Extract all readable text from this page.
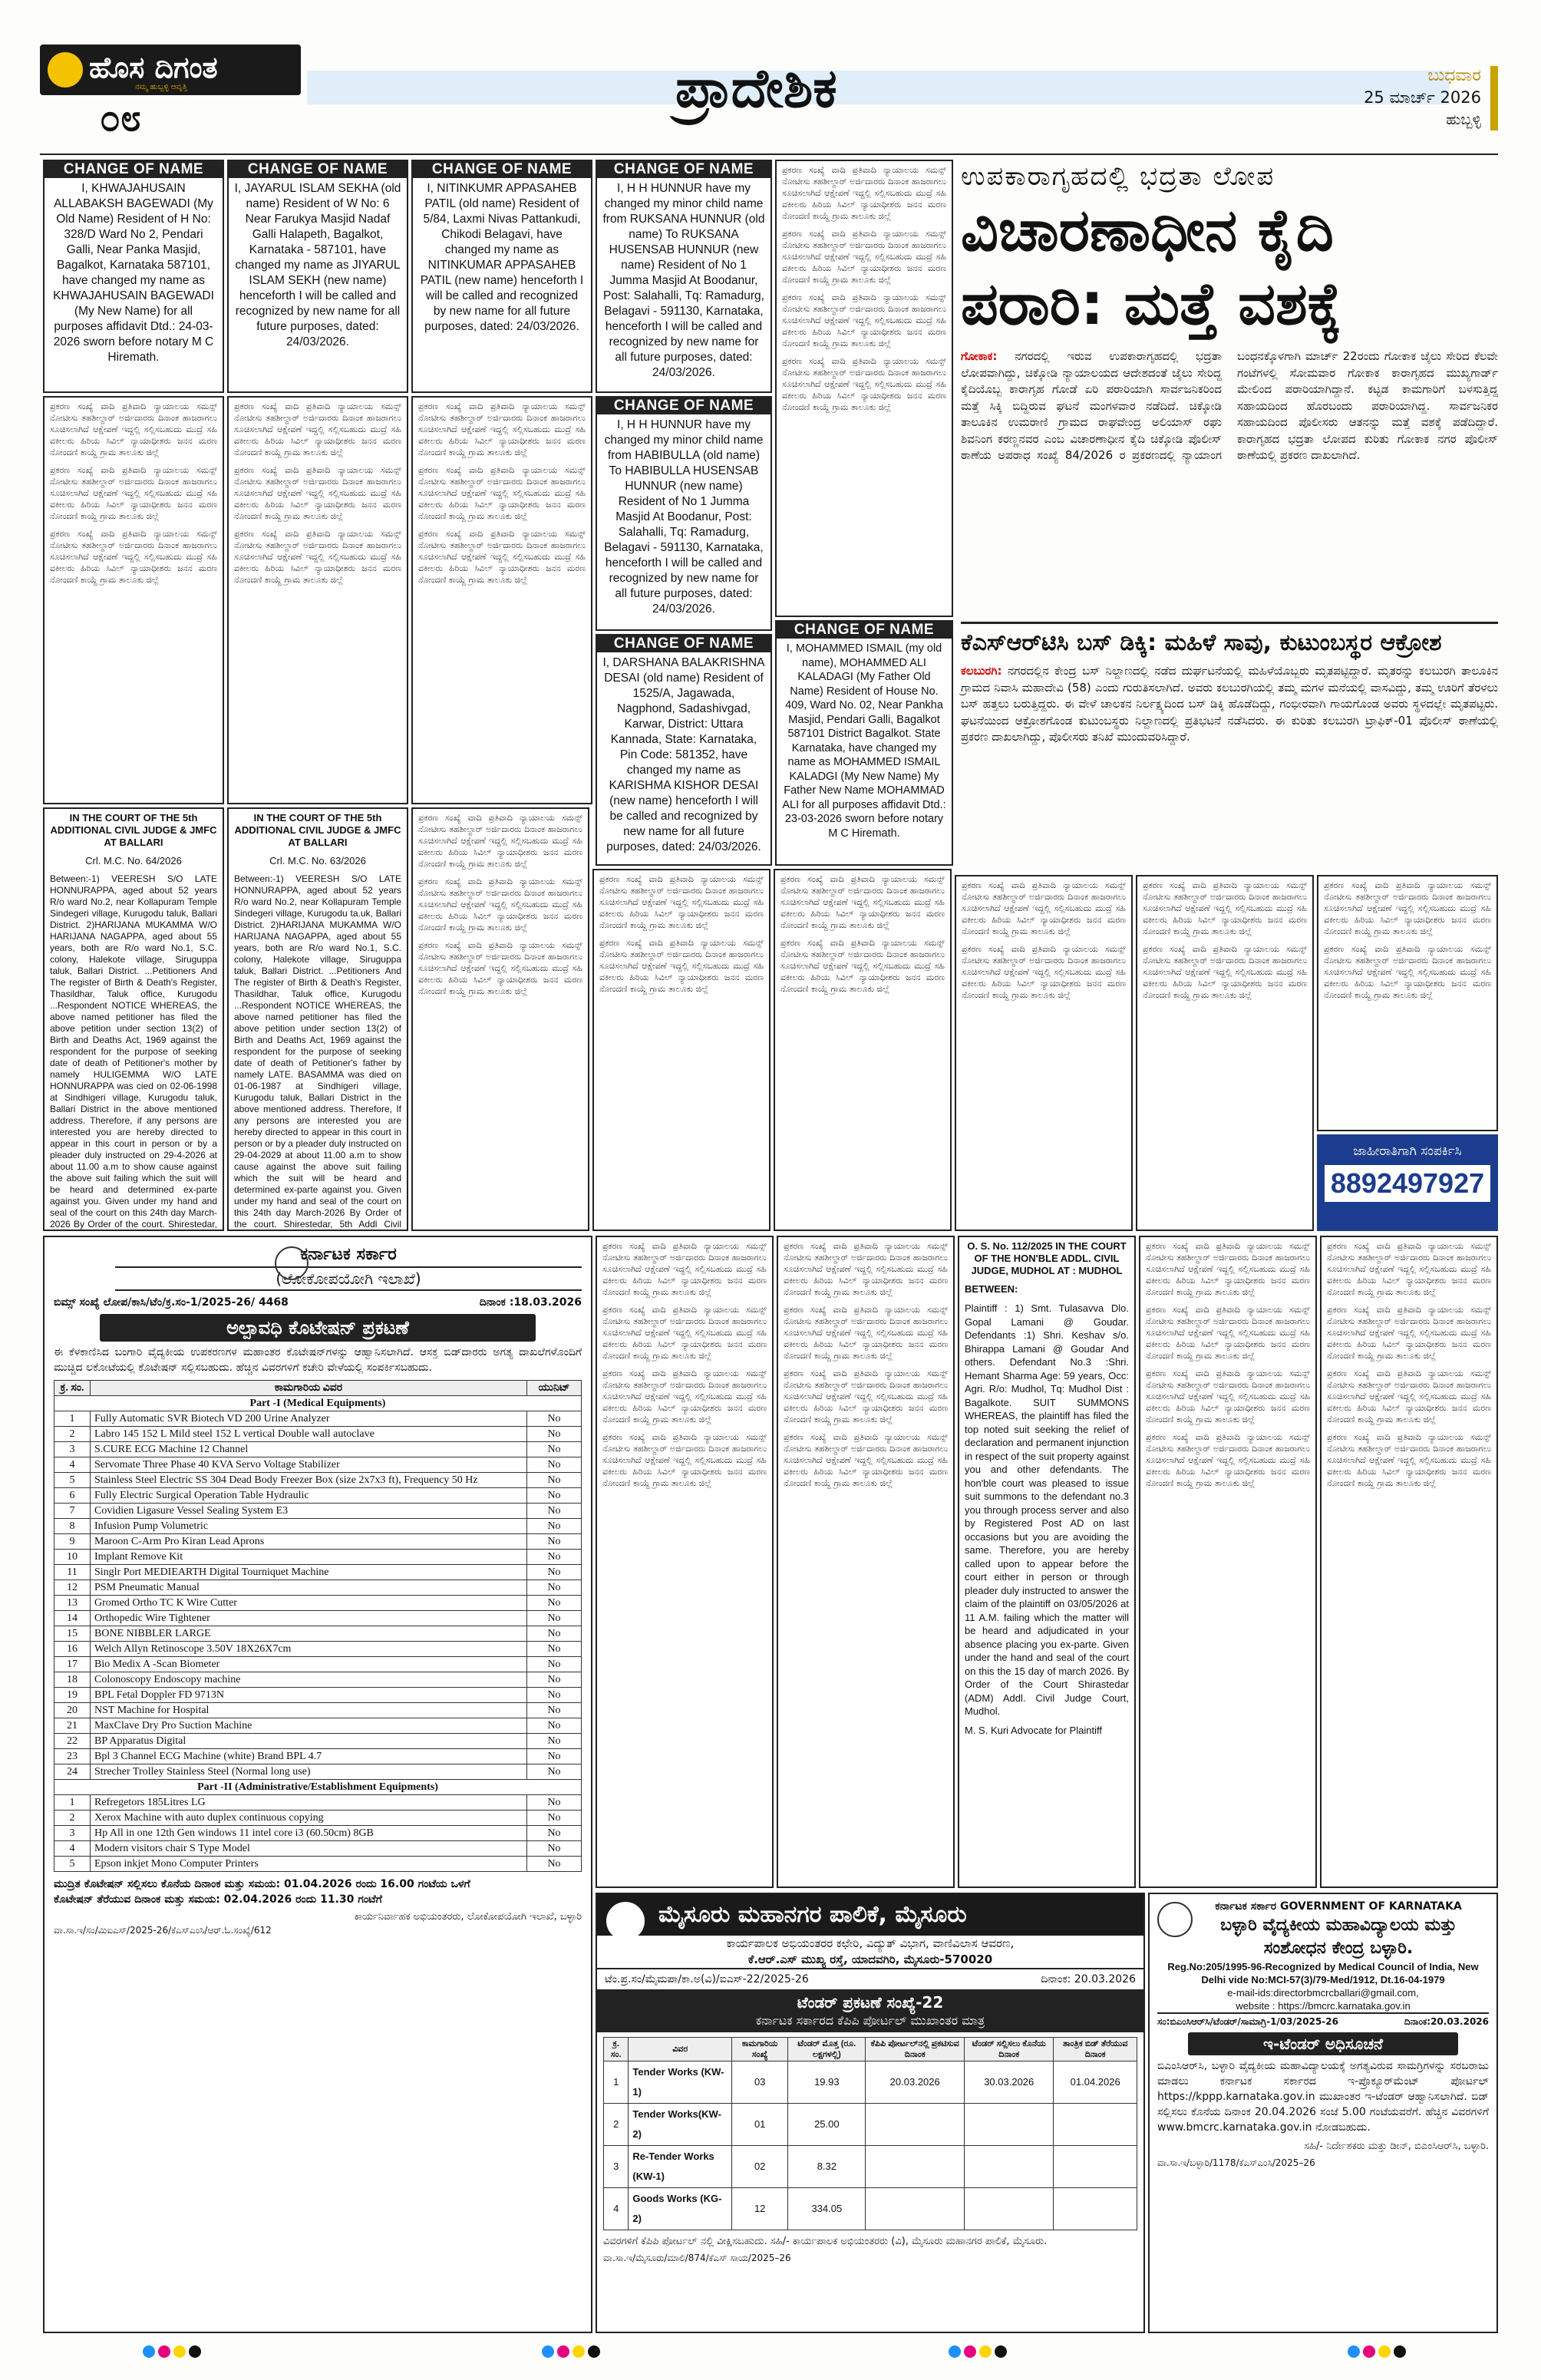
ಹೊಸ ದಿಗಂತ
ನಮ್ಮ ಹುಬ್ಬಳ್ಳಿ ಆವೃತ್ತಿ
೦೮	ಪ್ರಾದೇಶಿಕ	ಬುಧವಾರ
25 ಮಾರ್ಚ್ 2026
ಹುಬ್ಬಳ್ಳಿ
CHANGE OF NAME
I, KHWAJAHUSAIN ALLABAKSH BAGEWADI (My Old Name) Resident of H No: 328/D Ward No 2, Pendari Galli, Near Panka Masjid, Bagalkot, Karnataka 587101, have changed my name as KHWAJAHUSAIN BAGEWADI (My New Name) for all purposes affidavit Dtd.: 24-03-2026 sworn before notary M C Hiremath.
CHANGE OF NAME
I, JAYARUL ISLAM SEKHA (old name) Resident of W No: 6 Near Farukya Masjid Nadaf Galli Halapeth, Bagalkot, Karnataka - 587101, have changed my name as JIYARUL ISLAM SEKH (new name) henceforth I will be called and recognized by new name for all future purposes, dated: 24/03/2026.
CHANGE OF NAME
I, NITINKUMR APPASAHEB PATIL (old name) Resident of 5/84, Laxmi Nivas Pattankudi, Chikodi Belagavi, have changed my name as NITINKUMAR APPASAHEB PATIL (new name) henceforth I will be called and recognized by new name for all future purposes, dated: 24/03/2026.
CHANGE OF NAME
I, H H HUNNUR have my changed my minor child name from RUKSANA HUNNUR (old name) To RUKSANA HUSENSAB HUNNUR (new name) Resident of No 1 Jumma Masjid At Boodanur, Post: Salahalli, Tq: Ramadurg, Belagavi - 591130, Karnataka, henceforth I will be called and recognized by new name for all future purposes, dated: 24/03/2026.
ಪ್ರಕರಣ ಸಂಖ್ಯೆ ವಾದಿ ಪ್ರತಿವಾದಿ ನ್ಯಾಯಾಲಯ ಸಮನ್ಸ್ ನೋಟೀಸು ತಹಶೀಲ್ದಾರ್ ಅರ್ಜಿದಾರರು ದಿನಾಂಕ ಹಾಜರಾಗಲು ಸೂಚಿಸಲಾಗಿದೆ ಆಕ್ಷೇಪಣೆ ಇದ್ದಲ್ಲಿ ಸಲ್ಲಿಸಬಹುದು ಮುದ್ರೆ ಸಹಿ ವಕೀಲರು ಹಿರಿಯ ಸಿವಿಲ್ ನ್ಯಾಯಾಧೀಶರು ಜನನ ಮರಣ ನೋಂದಣಿ ಕಾಯ್ದೆ ಗ್ರಾಮ ತಾಲೂಕು ಜಿಲ್ಲೆ
ಪ್ರಕರಣ ಸಂಖ್ಯೆ ವಾದಿ ಪ್ರತಿವಾದಿ ನ್ಯಾಯಾಲಯ ಸಮನ್ಸ್ ನೋಟೀಸು ತಹಶೀಲ್ದಾರ್ ಅರ್ಜಿದಾರರು ದಿನಾಂಕ ಹಾಜರಾಗಲು ಸೂಚಿಸಲಾಗಿದೆ ಆಕ್ಷೇಪಣೆ ಇದ್ದಲ್ಲಿ ಸಲ್ಲಿಸಬಹುದು ಮುದ್ರೆ ಸಹಿ ವಕೀಲರು ಹಿರಿಯ ಸಿವಿಲ್ ನ್ಯಾಯಾಧೀಶರು ಜನನ ಮರಣ ನೋಂದಣಿ ಕಾಯ್ದೆ ಗ್ರಾಮ ತಾಲೂಕು ಜಿಲ್ಲೆ
ಪ್ರಕರಣ ಸಂಖ್ಯೆ ವಾದಿ ಪ್ರತಿವಾದಿ ನ್ಯಾಯಾಲಯ ಸಮನ್ಸ್ ನೋಟೀಸು ತಹಶೀಲ್ದಾರ್ ಅರ್ಜಿದಾರರು ದಿನಾಂಕ ಹಾಜರಾಗಲು ಸೂಚಿಸಲಾಗಿದೆ ಆಕ್ಷೇಪಣೆ ಇದ್ದಲ್ಲಿ ಸಲ್ಲಿಸಬಹುದು ಮುದ್ರೆ ಸಹಿ ವಕೀಲರು ಹಿರಿಯ ಸಿವಿಲ್ ನ್ಯಾಯಾಧೀಶರು ಜನನ ಮರಣ ನೋಂದಣಿ ಕಾಯ್ದೆ ಗ್ರಾಮ ತಾಲೂಕು ಜಿಲ್ಲೆ
ಪ್ರಕರಣ ಸಂಖ್ಯೆ ವಾದಿ ಪ್ರತಿವಾದಿ ನ್ಯಾಯಾಲಯ ಸಮನ್ಸ್ ನೋಟೀಸು ತಹಶೀಲ್ದಾರ್ ಅರ್ಜಿದಾರರು ದಿನಾಂಕ ಹಾಜರಾಗಲು ಸೂಚಿಸಲಾಗಿದೆ ಆಕ್ಷೇಪಣೆ ಇದ್ದಲ್ಲಿ ಸಲ್ಲಿಸಬಹುದು ಮುದ್ರೆ ಸಹಿ ವಕೀಲರು ಹಿರಿಯ ಸಿವಿಲ್ ನ್ಯಾಯಾಧೀಶರು ಜನನ ಮರಣ ನೋಂದಣಿ ಕಾಯ್ದೆ ಗ್ರಾಮ ತಾಲೂಕು ಜಿಲ್ಲೆ
ಪ್ರಕರಣ ಸಂಖ್ಯೆ ವಾದಿ ಪ್ರತಿವಾದಿ ನ್ಯಾಯಾಲಯ ಸಮನ್ಸ್ ನೋಟೀಸು ತಹಶೀಲ್ದಾರ್ ಅರ್ಜಿದಾರರು ದಿನಾಂಕ ಹಾಜರಾಗಲು ಸೂಚಿಸಲಾಗಿದೆ ಆಕ್ಷೇಪಣೆ ಇದ್ದಲ್ಲಿ ಸಲ್ಲಿಸಬಹುದು ಮುದ್ರೆ ಸಹಿ ವಕೀಲರು ಹಿರಿಯ ಸಿವಿಲ್ ನ್ಯಾಯಾಧೀಶರು ಜನನ ಮರಣ ನೋಂದಣಿ ಕಾಯ್ದೆ ಗ್ರಾಮ ತಾಲೂಕು ಜಿಲ್ಲೆ
ಪ್ರಕರಣ ಸಂಖ್ಯೆ ವಾದಿ ಪ್ರತಿವಾದಿ ನ್ಯಾಯಾಲಯ ಸಮನ್ಸ್ ನೋಟೀಸು ತಹಶೀಲ್ದಾರ್ ಅರ್ಜಿದಾರರು ದಿನಾಂಕ ಹಾಜರಾಗಲು ಸೂಚಿಸಲಾಗಿದೆ ಆಕ್ಷೇಪಣೆ ಇದ್ದಲ್ಲಿ ಸಲ್ಲಿಸಬಹುದು ಮುದ್ರೆ ಸಹಿ ವಕೀಲರು ಹಿರಿಯ ಸಿವಿಲ್ ನ್ಯಾಯಾಧೀಶರು ಜನನ ಮರಣ ನೋಂದಣಿ ಕಾಯ್ದೆ ಗ್ರಾಮ ತಾಲೂಕು ಜಿಲ್ಲೆ
ಪ್ರಕರಣ ಸಂಖ್ಯೆ ವಾದಿ ಪ್ರತಿವಾದಿ ನ್ಯಾಯಾಲಯ ಸಮನ್ಸ್ ನೋಟೀಸು ತಹಶೀಲ್ದಾರ್ ಅರ್ಜಿದಾರರು ದಿನಾಂಕ ಹಾಜರಾಗಲು ಸೂಚಿಸಲಾಗಿದೆ ಆಕ್ಷೇಪಣೆ ಇದ್ದಲ್ಲಿ ಸಲ್ಲಿಸಬಹುದು ಮುದ್ರೆ ಸಹಿ ವಕೀಲರು ಹಿರಿಯ ಸಿವಿಲ್ ನ್ಯಾಯಾಧೀಶರು ಜನನ ಮರಣ ನೋಂದಣಿ ಕಾಯ್ದೆ ಗ್ರಾಮ ತಾಲೂಕು ಜಿಲ್ಲೆ
ಪ್ರಕರಣ ಸಂಖ್ಯೆ ವಾದಿ ಪ್ರತಿವಾದಿ ನ್ಯಾಯಾಲಯ ಸಮನ್ಸ್ ನೋಟೀಸು ತಹಶೀಲ್ದಾರ್ ಅರ್ಜಿದಾರರು ದಿನಾಂಕ ಹಾಜರಾಗಲು ಸೂಚಿಸಲಾಗಿದೆ ಆಕ್ಷೇಪಣೆ ಇದ್ದಲ್ಲಿ ಸಲ್ಲಿಸಬಹುದು ಮುದ್ರೆ ಸಹಿ ವಕೀಲರು ಹಿರಿಯ ಸಿವಿಲ್ ನ್ಯಾಯಾಧೀಶರು ಜನನ ಮರಣ ನೋಂದಣಿ ಕಾಯ್ದೆ ಗ್ರಾಮ ತಾಲೂಕು ಜಿಲ್ಲೆ
ಪ್ರಕರಣ ಸಂಖ್ಯೆ ವಾದಿ ಪ್ರತಿವಾದಿ ನ್ಯಾಯಾಲಯ ಸಮನ್ಸ್ ನೋಟೀಸು ತಹಶೀಲ್ದಾರ್ ಅರ್ಜಿದಾರರು ದಿನಾಂಕ ಹಾಜರಾಗಲು ಸೂಚಿಸಲಾಗಿದೆ ಆಕ್ಷೇಪಣೆ ಇದ್ದಲ್ಲಿ ಸಲ್ಲಿಸಬಹುದು ಮುದ್ರೆ ಸಹಿ ವಕೀಲರು ಹಿರಿಯ ಸಿವಿಲ್ ನ್ಯಾಯಾಧೀಶರು ಜನನ ಮರಣ ನೋಂದಣಿ ಕಾಯ್ದೆ ಗ್ರಾಮ ತಾಲೂಕು ಜಿಲ್ಲೆ
ಪ್ರಕರಣ ಸಂಖ್ಯೆ ವಾದಿ ಪ್ರತಿವಾದಿ ನ್ಯಾಯಾಲಯ ಸಮನ್ಸ್ ನೋಟೀಸು ತಹಶೀಲ್ದಾರ್ ಅರ್ಜಿದಾರರು ದಿನಾಂಕ ಹಾಜರಾಗಲು ಸೂಚಿಸಲಾಗಿದೆ ಆಕ್ಷೇಪಣೆ ಇದ್ದಲ್ಲಿ ಸಲ್ಲಿಸಬಹುದು ಮುದ್ರೆ ಸಹಿ ವಕೀಲರು ಹಿರಿಯ ಸಿವಿಲ್ ನ್ಯಾಯಾಧೀಶರು ಜನನ ಮರಣ ನೋಂದಣಿ ಕಾಯ್ದೆ ಗ್ರಾಮ ತಾಲೂಕು ಜಿಲ್ಲೆ
ಪ್ರಕರಣ ಸಂಖ್ಯೆ ವಾದಿ ಪ್ರತಿವಾದಿ ನ್ಯಾಯಾಲಯ ಸಮನ್ಸ್ ನೋಟೀಸು ತಹಶೀಲ್ದಾರ್ ಅರ್ಜಿದಾರರು ದಿನಾಂಕ ಹಾಜರಾಗಲು ಸೂಚಿಸಲಾಗಿದೆ ಆಕ್ಷೇಪಣೆ ಇದ್ದಲ್ಲಿ ಸಲ್ಲಿಸಬಹುದು ಮುದ್ರೆ ಸಹಿ ವಕೀಲರು ಹಿರಿಯ ಸಿವಿಲ್ ನ್ಯಾಯಾಧೀಶರು ಜನನ ಮರಣ ನೋಂದಣಿ ಕಾಯ್ದೆ ಗ್ರಾಮ ತಾಲೂಕು ಜಿಲ್ಲೆ
ಪ್ರಕರಣ ಸಂಖ್ಯೆ ವಾದಿ ಪ್ರತಿವಾದಿ ನ್ಯಾಯಾಲಯ ಸಮನ್ಸ್ ನೋಟೀಸು ತಹಶೀಲ್ದಾರ್ ಅರ್ಜಿದಾರರು ದಿನಾಂಕ ಹಾಜರಾಗಲು ಸೂಚಿಸಲಾಗಿದೆ ಆಕ್ಷೇಪಣೆ ಇದ್ದಲ್ಲಿ ಸಲ್ಲಿಸಬಹುದು ಮುದ್ರೆ ಸಹಿ ವಕೀಲರು ಹಿರಿಯ ಸಿವಿಲ್ ನ್ಯಾಯಾಧೀಶರು ಜನನ ಮರಣ ನೋಂದಣಿ ಕಾಯ್ದೆ ಗ್ರಾಮ ತಾಲೂಕು ಜಿಲ್ಲೆ
ಪ್ರಕರಣ ಸಂಖ್ಯೆ ವಾದಿ ಪ್ರತಿವಾದಿ ನ್ಯಾಯಾಲಯ ಸಮನ್ಸ್ ನೋಟೀಸು ತಹಶೀಲ್ದಾರ್ ಅರ್ಜಿದಾರರು ದಿನಾಂಕ ಹಾಜರಾಗಲು ಸೂಚಿಸಲಾಗಿದೆ ಆಕ್ಷೇಪಣೆ ಇದ್ದಲ್ಲಿ ಸಲ್ಲಿಸಬಹುದು ಮುದ್ರೆ ಸಹಿ ವಕೀಲರು ಹಿರಿಯ ಸಿವಿಲ್ ನ್ಯಾಯಾಧೀಶರು ಜನನ ಮರಣ ನೋಂದಣಿ ಕಾಯ್ದೆ ಗ್ರಾಮ ತಾಲೂಕು ಜಿಲ್ಲೆ
CHANGE OF NAME
I, H H HUNNUR have my changed my minor child name from HABIBULLA (old name) To HABIBULLA HUSENSAB HUNNUR (new name) Resident of No 1 Jumma Masjid At Boodanur, Post: Salahalli, Tq: Ramadurg, Belagavi - 591130, Karnataka, henceforth I will be called and recognized by new name for all future purposes, dated: 24/03/2026.
CHANGE OF NAME
I, DARSHANA BALAKRISHNA DESAI (old name) Resident of 1525/A, Jagawada, Nagphond, Sadashivgad, Karwar, District: Uttara Kannada, State: Karnataka, Pin Code: 581352, have changed my name as KARISHMA KISHOR DESAI (new name) henceforth I will be called and recognized by new name for all future purposes, dated: 24/03/2026.
CHANGE OF NAME
I, MOHAMMED ISMAIL (my old name), MOHAMMED ALI KALADAGI (My Father Old Name) Resident of House No. 409, Ward No. 02, Near Pankha Masjid, Pendari Galli, Bagalkot 587101 District Bagalkot. State Karnataka, have changed my name as MOHAMMED ISMAIL KALADGI (My New Name) My Father New Name MOHAMMAD ALI for all purposes affidavit Dtd.: 23-03-2026 sworn before notary M C Hiremath.
ಉಪಕಾರಾಗೃಹದಲ್ಲಿ ಭದ್ರತಾ ಲೋಪ
ವಿಚಾರಣಾಧೀನ ಕೈದಿ
ಪರಾರಿ: ಮತ್ತೆ ವಶಕ್ಕೆ
ಗೋಕಾಕ: ನಗರದಲ್ಲಿ ಇರುವ ಉಪಕಾರಾಗೃಹದಲ್ಲಿ ಭದ್ರತಾ ಲೋಪವಾಗಿದ್ದು, ಚಿಕ್ಕೋಡಿ ನ್ಯಾಯಾಲಯದ ಆದೇಶದಂತೆ ಜೈಲು ಸೇರಿದ್ದ ಕೈದಿಯೊಬ್ಬ ಕಾರಾಗೃಹ ಗೋಡೆ ಏರಿ ಪರಾರಿಯಾಗಿ ಸಾರ್ವಜನಿಕರಿಂದ ಮತ್ತೆ ಸಿಕ್ಕಿ ಬಿದ್ದಿರುವ ಘಟನೆ ಮಂಗಳವಾರ ನಡೆದಿದೆ. ಚಿಕ್ಕೋಡಿ ತಾಲೂಕಿನ ಉಮರಾಣಿ ಗ್ರಾಮದ ರಾಘವೇಂದ್ರ ಅಲಿಯಾಸ್ ರಘು ಶಿವನಿಂಗ ಕರಣ್ಣನವರ ಎಂಬ ವಿಚಾರಣಾಧೀನ ಕೈದಿ ಚಿಕ್ಕೋಡಿ ಪೊಲೀಸ್ ಠಾಣೆಯ ಅಪರಾಧ ಸಂಖ್ಯೆ 84/2026 ರ ಪ್ರಕರಣದಲ್ಲಿ ನ್ಯಾಯಾಂಗ ಬಂಧನಕ್ಕೊಳಗಾಗಿ ಮಾರ್ಚ್ 22ರಂದು ಗೋಕಾಕ ಜೈಲು ಸೇರಿದ ಕೆಲವೇ ಗಂಟೆಗಳಲ್ಲಿ ಸೋಮವಾರ ಗೋಕಾಕ ಕಾರಾಗೃಹದ ಮುಖ್ಯಗಾರ್ಡ್ ಮೇಲಿಂದ ಪರಾರಿಯಾಗಿದ್ದಾನೆ. ಕಟ್ಟಡ ಕಾಮಗಾರಿಗೆ ಬಳಸುತ್ತಿದ್ದ ಸಹಾಯದಿಂದ ಹೊರಬಂದು ಪರಾರಿಯಾಗಿದ್ದ. ಸಾರ್ವಜನಿಕರ ಸಹಾಯದಿಂದ ಪೊಲೀಸರು ಆತನನ್ನು ಮತ್ತೆ ವಶಕ್ಕೆ ಪಡೆದಿದ್ದಾರೆ. ಕಾರಾಗೃಹದ ಭದ್ರತಾ ಲೋಪದ ಕುರಿತು ಗೋಕಾಕ ನಗರ ಪೊಲೀಸ್ ಠಾಣೆಯಲ್ಲಿ ಪ್ರಕರಣ ದಾಖಲಾಗಿದೆ.
ಕೆಎಸ್ಆರ್‌ಟಿಸಿ ಬಸ್ ಡಿಕ್ಕಿ: ಮಹಿಳೆ ಸಾವು, ಕುಟುಂಬಸ್ಥರ ಆಕ್ರೋಶ
ಕಲಬುರಗಿ: ನಗರದಲ್ಲಿನ ಕೇಂದ್ರ ಬಸ್ ನಿಲ್ದಾಣದಲ್ಲಿ ನಡೆದ ದುರ್ಘಟನೆಯಲ್ಲಿ ಮಹಿಳೆಯೊಬ್ಬರು ಮೃತಪಟ್ಟಿದ್ದಾರೆ. ಮೃತರನ್ನು ಕಲಬುರಗಿ ತಾಲೂಕಿನ ಗ್ರಾಮದ ನಿವಾಸಿ ಮಹಾದೇವಿ (58) ಎಂದು ಗುರುತಿಸಲಾಗಿದೆ. ಅವರು ಕಲಬುರಗಿಯಲ್ಲಿ ತಮ್ಮ ಮಗಳ ಮನೆಯಲ್ಲಿ ವಾಸವಿದ್ದು, ತಮ್ಮ ಊರಿಗೆ ತೆರಳಲು ಬಸ್ ಹತ್ತಲು ಬರುತ್ತಿದ್ದರು. ಈ ವೇಳೆ ಚಾಲಕನ ನಿರ್ಲಕ್ಷ್ಯದಿಂದ ಬಸ್ ಡಿಕ್ಕಿ ಹೊಡೆದಿದ್ದು, ಗಂಭೀರವಾಗಿ ಗಾಯಗೊಂಡ ಅವರು ಸ್ಥಳದಲ್ಲೇ ಮೃತಪಟ್ಟರು. ಘಟನೆಯಿಂದ ಆಕ್ರೋಶಗೊಂಡ ಕುಟುಂಬಸ್ಥರು ನಿಲ್ದಾಣದಲ್ಲಿ ಪ್ರತಿಭಟನೆ ನಡೆಸಿದರು. ಈ ಕುರಿತು ಕಲಬುರಗಿ ಟ್ರಾಫಿಕ್-01 ಪೊಲೀಸ್ ಠಾಣೆಯಲ್ಲಿ ಪ್ರಕರಣ ದಾಖಲಾಗಿದ್ದು, ಪೊಲೀಸರು ತನಿಖೆ ಮುಂದುವರಿಸಿದ್ದಾರೆ.
IN THE COURT OF THE 5th ADDITIONAL CIVIL JUDGE & JMFC AT BALLARI
Crl. M.C. No. 64/2026
Between:-1) VEERESH S/O LATE HONNURAPPA, aged about 52 years R/o ward No.2, near Kollapuram Temple Sindegeri village, Kurugodu taluk, Ballari District. 2)HARIJANA MUKAMMA W/O HARIJANA NAGAPPA, aged about 55 years, both are R/o ward No.1, S.C. colony, Halekote village, Siruguppa taluk, Ballari District. ...Petitioners And The register of Birth & Death's Register, Thasildhar, Taluk office, Kurugodu ...Respondent NOTICE WHEREAS, the above named petitioner has filed the above petition under section 13(2) of Birth and Deaths Act, 1969 against the respondent for the purpose of seeking date of death of Petitioner's mother by namely HULIGEMMA W/O LATE HONNURAPPA was cied on 02-06-1998 at Sindhigeri village, Kurugodu taluk, Ballari District in the above mentioned address. Therefore, if any persons are interested you are hereby directed to appear in this court in person or by a pleader duly instructed on 29-4-2026 at about 11.00 a.m to show cause against the above suit failing which the suit will be heard and determined ex-parte against you. Given under my hand and seal of the court on this 24th day March-2026 By Order of the court. Shirestedar,
IN THE COURT OF THE 5th ADDITIONAL CIVIL JUDGE & JMFC AT BALLARI
Crl. M.C. No. 63/2026
Between:-1) VEERESH S/O LATE HONNURAPPA, aged about 52 years R/o ward No.2, near Kollapuram Temple Sindegeri village, Kurugodu ta.uk, Ballari District. 2)HARIJANA MUKAMMA W/O HARIJANA NAGAPPA, aged about 55 years, both are R/o ward No.1, S.C. colony, Halekote village, Siruguppa taluk, Ballari District. ...Petitioners And The register of Birth & Death's Register, Thasildhar, Taluk office, Kurugodu ...Respondent NOTICE WHEREAS, the above named petitioner has filed the above petition under section 13(2) of Birth and Deaths Act, 1969 against the respondent for the purpose of seeking date of death of Petitioner's father by namely LATE. BASAMMA was died on 01-06-1987 at Sindhigeri village, Kurugodu taluk, Ballari District in the above mentioned address. Therefore, If any persons are interested you are hereby directed to appear in this court in person or by a pleader duly instructed on 29-04-2029 at about 11.00 a.m to show cause against the above suit failing which the suit will be heard and determined ex-parte against you. Given under my hand and seal of the court on this 24th day March-2026 By Order of the court. Shirestedar, 5th Addl Civil
ಪ್ರಕರಣ ಸಂಖ್ಯೆ ವಾದಿ ಪ್ರತಿವಾದಿ ನ್ಯಾಯಾಲಯ ಸಮನ್ಸ್ ನೋಟೀಸು ತಹಶೀಲ್ದಾರ್ ಅರ್ಜಿದಾರರು ದಿನಾಂಕ ಹಾಜರಾಗಲು ಸೂಚಿಸಲಾಗಿದೆ ಆಕ್ಷೇಪಣೆ ಇದ್ದಲ್ಲಿ ಸಲ್ಲಿಸಬಹುದು ಮುದ್ರೆ ಸಹಿ ವಕೀಲರು ಹಿರಿಯ ಸಿವಿಲ್ ನ್ಯಾಯಾಧೀಶರು ಜನನ ಮರಣ ನೋಂದಣಿ ಕಾಯ್ದೆ ಗ್ರಾಮ ತಾಲೂಕು ಜಿಲ್ಲೆ
ಪ್ರಕರಣ ಸಂಖ್ಯೆ ವಾದಿ ಪ್ರತಿವಾದಿ ನ್ಯಾಯಾಲಯ ಸಮನ್ಸ್ ನೋಟೀಸು ತಹಶೀಲ್ದಾರ್ ಅರ್ಜಿದಾರರು ದಿನಾಂಕ ಹಾಜರಾಗಲು ಸೂಚಿಸಲಾಗಿದೆ ಆಕ್ಷೇಪಣೆ ಇದ್ದಲ್ಲಿ ಸಲ್ಲಿಸಬಹುದು ಮುದ್ರೆ ಸಹಿ ವಕೀಲರು ಹಿರಿಯ ಸಿವಿಲ್ ನ್ಯಾಯಾಧೀಶರು ಜನನ ಮರಣ ನೋಂದಣಿ ಕಾಯ್ದೆ ಗ್ರಾಮ ತಾಲೂಕು ಜಿಲ್ಲೆ
ಪ್ರಕರಣ ಸಂಖ್ಯೆ ವಾದಿ ಪ್ರತಿವಾದಿ ನ್ಯಾಯಾಲಯ ಸಮನ್ಸ್ ನೋಟೀಸು ತಹಶೀಲ್ದಾರ್ ಅರ್ಜಿದಾರರು ದಿನಾಂಕ ಹಾಜರಾಗಲು ಸೂಚಿಸಲಾಗಿದೆ ಆಕ್ಷೇಪಣೆ ಇದ್ದಲ್ಲಿ ಸಲ್ಲಿಸಬಹುದು ಮುದ್ರೆ ಸಹಿ ವಕೀಲರು ಹಿರಿಯ ಸಿವಿಲ್ ನ್ಯಾಯಾಧೀಶರು ಜನನ ಮರಣ ನೋಂದಣಿ ಕಾಯ್ದೆ ಗ್ರಾಮ ತಾಲೂಕು ಜಿಲ್ಲೆ
ಪ್ರಕರಣ ಸಂಖ್ಯೆ ವಾದಿ ಪ್ರತಿವಾದಿ ನ್ಯಾಯಾಲಯ ಸಮನ್ಸ್ ನೋಟೀಸು ತಹಶೀಲ್ದಾರ್ ಅರ್ಜಿದಾರರು ದಿನಾಂಕ ಹಾಜರಾಗಲು ಸೂಚಿಸಲಾಗಿದೆ ಆಕ್ಷೇಪಣೆ ಇದ್ದಲ್ಲಿ ಸಲ್ಲಿಸಬಹುದು ಮುದ್ರೆ ಸಹಿ ವಕೀಲರು ಹಿರಿಯ ಸಿವಿಲ್ ನ್ಯಾಯಾಧೀಶರು ಜನನ ಮರಣ ನೋಂದಣಿ ಕಾಯ್ದೆ ಗ್ರಾಮ ತಾಲೂಕು ಜಿಲ್ಲೆ
ಪ್ರಕರಣ ಸಂಖ್ಯೆ ವಾದಿ ಪ್ರತಿವಾದಿ ನ್ಯಾಯಾಲಯ ಸಮನ್ಸ್ ನೋಟೀಸು ತಹಶೀಲ್ದಾರ್ ಅರ್ಜಿದಾರರು ದಿನಾಂಕ ಹಾಜರಾಗಲು ಸೂಚಿಸಲಾಗಿದೆ ಆಕ್ಷೇಪಣೆ ಇದ್ದಲ್ಲಿ ಸಲ್ಲಿಸಬಹುದು ಮುದ್ರೆ ಸಹಿ ವಕೀಲರು ಹಿರಿಯ ಸಿವಿಲ್ ನ್ಯಾಯಾಧೀಶರು ಜನನ ಮರಣ ನೋಂದಣಿ ಕಾಯ್ದೆ ಗ್ರಾಮ ತಾಲೂಕು ಜಿಲ್ಲೆ
ಪ್ರಕರಣ ಸಂಖ್ಯೆ ವಾದಿ ಪ್ರತಿವಾದಿ ನ್ಯಾಯಾಲಯ ಸಮನ್ಸ್ ನೋಟೀಸು ತಹಶೀಲ್ದಾರ್ ಅರ್ಜಿದಾರರು ದಿನಾಂಕ ಹಾಜರಾಗಲು ಸೂಚಿಸಲಾಗಿದೆ ಆಕ್ಷೇಪಣೆ ಇದ್ದಲ್ಲಿ ಸಲ್ಲಿಸಬಹುದು ಮುದ್ರೆ ಸಹಿ ವಕೀಲರು ಹಿರಿಯ ಸಿವಿಲ್ ನ್ಯಾಯಾಧೀಶರು ಜನನ ಮರಣ ನೋಂದಣಿ ಕಾಯ್ದೆ ಗ್ರಾಮ ತಾಲೂಕು ಜಿಲ್ಲೆ
ಪ್ರಕರಣ ಸಂಖ್ಯೆ ವಾದಿ ಪ್ರತಿವಾದಿ ನ್ಯಾಯಾಲಯ ಸಮನ್ಸ್ ನೋಟೀಸು ತಹಶೀಲ್ದಾರ್ ಅರ್ಜಿದಾರರು ದಿನಾಂಕ ಹಾಜರಾಗಲು ಸೂಚಿಸಲಾಗಿದೆ ಆಕ್ಷೇಪಣೆ ಇದ್ದಲ್ಲಿ ಸಲ್ಲಿಸಬಹುದು ಮುದ್ರೆ ಸಹಿ ವಕೀಲರು ಹಿರಿಯ ಸಿವಿಲ್ ನ್ಯಾಯಾಧೀಶರು ಜನನ ಮರಣ ನೋಂದಣಿ ಕಾಯ್ದೆ ಗ್ರಾಮ ತಾಲೂಕು ಜಿಲ್ಲೆ
ಪ್ರಕರಣ ಸಂಖ್ಯೆ ವಾದಿ ಪ್ರತಿವಾದಿ ನ್ಯಾಯಾಲಯ ಸಮನ್ಸ್ ನೋಟೀಸು ತಹಶೀಲ್ದಾರ್ ಅರ್ಜಿದಾರರು ದಿನಾಂಕ ಹಾಜರಾಗಲು ಸೂಚಿಸಲಾಗಿದೆ ಆಕ್ಷೇಪಣೆ ಇದ್ದಲ್ಲಿ ಸಲ್ಲಿಸಬಹುದು ಮುದ್ರೆ ಸಹಿ ವಕೀಲರು ಹಿರಿಯ ಸಿವಿಲ್ ನ್ಯಾಯಾಧೀಶರು ಜನನ ಮರಣ ನೋಂದಣಿ ಕಾಯ್ದೆ ಗ್ರಾಮ ತಾಲೂಕು ಜಿಲ್ಲೆ
ಪ್ರಕರಣ ಸಂಖ್ಯೆ ವಾದಿ ಪ್ರತಿವಾದಿ ನ್ಯಾಯಾಲಯ ಸಮನ್ಸ್ ನೋಟೀಸು ತಹಶೀಲ್ದಾರ್ ಅರ್ಜಿದಾರರು ದಿನಾಂಕ ಹಾಜರಾಗಲು ಸೂಚಿಸಲಾಗಿದೆ ಆಕ್ಷೇಪಣೆ ಇದ್ದಲ್ಲಿ ಸಲ್ಲಿಸಬಹುದು ಮುದ್ರೆ ಸಹಿ ವಕೀಲರು ಹಿರಿಯ ಸಿವಿಲ್ ನ್ಯಾಯಾಧೀಶರು ಜನನ ಮರಣ ನೋಂದಣಿ ಕಾಯ್ದೆ ಗ್ರಾಮ ತಾಲೂಕು ಜಿಲ್ಲೆ
ಪ್ರಕರಣ ಸಂಖ್ಯೆ ವಾದಿ ಪ್ರತಿವಾದಿ ನ್ಯಾಯಾಲಯ ಸಮನ್ಸ್ ನೋಟೀಸು ತಹಶೀಲ್ದಾರ್ ಅರ್ಜಿದಾರರು ದಿನಾಂಕ ಹಾಜರಾಗಲು ಸೂಚಿಸಲಾಗಿದೆ ಆಕ್ಷೇಪಣೆ ಇದ್ದಲ್ಲಿ ಸಲ್ಲಿಸಬಹುದು ಮುದ್ರೆ ಸಹಿ ವಕೀಲರು ಹಿರಿಯ ಸಿವಿಲ್ ನ್ಯಾಯಾಧೀಶರು ಜನನ ಮರಣ ನೋಂದಣಿ ಕಾಯ್ದೆ ಗ್ರಾಮ ತಾಲೂಕು ಜಿಲ್ಲೆ
ಪ್ರಕರಣ ಸಂಖ್ಯೆ ವಾದಿ ಪ್ರತಿವಾದಿ ನ್ಯಾಯಾಲಯ ಸಮನ್ಸ್ ನೋಟೀಸು ತಹಶೀಲ್ದಾರ್ ಅರ್ಜಿದಾರರು ದಿನಾಂಕ ಹಾಜರಾಗಲು ಸೂಚಿಸಲಾಗಿದೆ ಆಕ್ಷೇಪಣೆ ಇದ್ದಲ್ಲಿ ಸಲ್ಲಿಸಬಹುದು ಮುದ್ರೆ ಸಹಿ ವಕೀಲರು ಹಿರಿಯ ಸಿವಿಲ್ ನ್ಯಾಯಾಧೀಶರು ಜನನ ಮರಣ ನೋಂದಣಿ ಕಾಯ್ದೆ ಗ್ರಾಮ ತಾಲೂಕು ಜಿಲ್ಲೆ
ಪ್ರಕರಣ ಸಂಖ್ಯೆ ವಾದಿ ಪ್ರತಿವಾದಿ ನ್ಯಾಯಾಲಯ ಸಮನ್ಸ್ ನೋಟೀಸು ತಹಶೀಲ್ದಾರ್ ಅರ್ಜಿದಾರರು ದಿನಾಂಕ ಹಾಜರಾಗಲು ಸೂಚಿಸಲಾಗಿದೆ ಆಕ್ಷೇಪಣೆ ಇದ್ದಲ್ಲಿ ಸಲ್ಲಿಸಬಹುದು ಮುದ್ರೆ ಸಹಿ ವಕೀಲರು ಹಿರಿಯ ಸಿವಿಲ್ ನ್ಯಾಯಾಧೀಶರು ಜನನ ಮರಣ ನೋಂದಣಿ ಕಾಯ್ದೆ ಗ್ರಾಮ ತಾಲೂಕು ಜಿಲ್ಲೆ
ಪ್ರಕರಣ ಸಂಖ್ಯೆ ವಾದಿ ಪ್ರತಿವಾದಿ ನ್ಯಾಯಾಲಯ ಸಮನ್ಸ್ ನೋಟೀಸು ತಹಶೀಲ್ದಾರ್ ಅರ್ಜಿದಾರರು ದಿನಾಂಕ ಹಾಜರಾಗಲು ಸೂಚಿಸಲಾಗಿದೆ ಆಕ್ಷೇಪಣೆ ಇದ್ದಲ್ಲಿ ಸಲ್ಲಿಸಬಹುದು ಮುದ್ರೆ ಸಹಿ ವಕೀಲರು ಹಿರಿಯ ಸಿವಿಲ್ ನ್ಯಾಯಾಧೀಶರು ಜನನ ಮರಣ ನೋಂದಣಿ ಕಾಯ್ದೆ ಗ್ರಾಮ ತಾಲೂಕು ಜಿಲ್ಲೆ
ಜಾಹೀರಾತಿಗಾಗಿ ಸಂಪರ್ಕಿಸಿ
8892497927
ಕರ್ನಾಟಕ ಸರ್ಕಾರ
(ಲೋಕೋಪಯೋಗಿ ಇಲಾಖೆ)
ಬಿಮ್ಸ್ ಸಂಖ್ಯೆ ಲೋಪ/ಕಾಸಿ/ಟೆಂ/ಕ್ರ.ಸಂ-1/2025-26/ 4468	ದಿನಾಂಕ :18.03.2026
ಅಲ್ಪಾವಧಿ ಕೊಟೇಷನ್ ಪ್ರಕಟಣೆ
ಈ ಕೆಳಕಾಣಿಸಿದ ಬಂಗಾರಿ ವೈದ್ಯಕೀಯ ಉಪಕರಣಗಳ ಮಹಾಂತರ ಕೊಟೇಷನ್‌ಗಳನ್ನು ಆಹ್ವಾನಿಸಲಾಗಿದೆ. ಆಸಕ್ತ ಬಿಡ್‌ದಾರರು ಅಗತ್ಯ ದಾಖಲೆಗಳೊಂದಿಗೆ ಮುಚ್ಚಿದ ಲಕೋಟೆಯಲ್ಲಿ ಕೊಟೇಷನ್ ಸಲ್ಲಿಸಬಹುದು. ಹೆಚ್ಚಿನ ವಿವರಗಳಿಗೆ ಕಚೇರಿ ವೇಳೆಯಲ್ಲಿ ಸಂಪರ್ಕಿಸಬಹುದು.
ಕ್ರ. ಸಂ.	ಕಾಮಗಾರಿಯ ವಿವರ	ಯುನಿಟ್
Part -I (Medical Equipments)		
1	Fully Automatic SVR Biotech VD 200 Urine Analyzer	No
2	Labro 145 152 L Mild steel 152 L vertical Double wall autoclave	No
3	S.CURE ECG Machine 12 Channel	No
4	Servomate Three Phase 40 KVA Servo Voltage Stabilizer	No
5	Stainless Steel Electric SS 304 Dead Body Freezer Box (size 2x7x3 ft), Frequency 50 Hz	No
6	Fully Electric Surgical Operation Table Hydraulic	No
7	Covidien Ligasure Vessel Sealing System E3	No
8	Infusion Pump Volumetric	No
9	Maroon C-Arm Pro Kiran Lead Aprons	No
10	Implant Remove Kit	No
11	Singlr Port MEDIEARTH Digital Tourniquet Machine	No
12	PSM Pneumatic Manual	No
13	Gromed Ortho TC K Wire Cutter	No
14	Orthopedic Wire Tightener	No
15	BONE NIBBLER LARGE	No
16	Welch Allyn Retinoscope 3.50V 18X26X7cm	No
17	Bio Medix A -Scan Biometer	No
18	Colonoscopy Endoscopy machine	No
19	BPL Fetal Doppler FD 9713N	No
20	NST Machine for Hospital	No
21	MaxClave Dry Pro Suction Machine	No
22	BP Apparatus Digital	No
23	Bpl 3 Channel ECG Machine (white) Brand BPL 4.7	No
24	Strecher Trolley Stainless Steel (Normal long use)	No
Part -II (Administrative/Establishment Equipments)		
1	Refregetors 185Litres LG	No
2	Xerox Machine with auto duplex continuous copying	No
3	Hp All in one 12th Gen windows 11 intel core i3 (60.50cm) 8GB	No
4	Modern visitors chair S Type Model	No
5	Epson inkjet Mono Computer Printers	No
ಮುದ್ರಿತ ಕೊಟೇಷನ್ ಸಲ್ಲಿಸಲು ಕೊನೆಯ ದಿನಾಂಕ ಮತ್ತು ಸಮಯ: 01.04.2026 ರಂದು 16.00 ಗಂಟೆಯ ಒಳಗೆ
ಕೊಟೇಷನ್ ತೆರೆಯುವ ದಿನಾಂಕ ಮತ್ತು ಸಮಯ: 02.04.2026 ರಂದು 11.30 ಗಂಟೆಗೆ
ಕಾರ್ಯನಿರ್ವಾಹಕ ಅಭಿಯಂತರರು, ಲೋಕೋಪಯೋಗಿ ಇಲಾಖೆ, ಬಳ್ಳಾರಿ
ವಾ.ಸಾ.ಇ/ಸಂ/ಮಿಐಎಸ್/2025-26/ಕೆಎಸ್ಎಂಸಿ/ಆರ್.ಓ.ಸಂಖ್ಯೆ/612
ಪ್ರಕರಣ ಸಂಖ್ಯೆ ವಾದಿ ಪ್ರತಿವಾದಿ ನ್ಯಾಯಾಲಯ ಸಮನ್ಸ್ ನೋಟೀಸು ತಹಶೀಲ್ದಾರ್ ಅರ್ಜಿದಾರರು ದಿನಾಂಕ ಹಾಜರಾಗಲು ಸೂಚಿಸಲಾಗಿದೆ ಆಕ್ಷೇಪಣೆ ಇದ್ದಲ್ಲಿ ಸಲ್ಲಿಸಬಹುದು ಮುದ್ರೆ ಸಹಿ ವಕೀಲರು ಹಿರಿಯ ಸಿವಿಲ್ ನ್ಯಾಯಾಧೀಶರು ಜನನ ಮರಣ ನೋಂದಣಿ ಕಾಯ್ದೆ ಗ್ರಾಮ ತಾಲೂಕು ಜಿಲ್ಲೆ
ಪ್ರಕರಣ ಸಂಖ್ಯೆ ವಾದಿ ಪ್ರತಿವಾದಿ ನ್ಯಾಯಾಲಯ ಸಮನ್ಸ್ ನೋಟೀಸು ತಹಶೀಲ್ದಾರ್ ಅರ್ಜಿದಾರರು ದಿನಾಂಕ ಹಾಜರಾಗಲು ಸೂಚಿಸಲಾಗಿದೆ ಆಕ್ಷೇಪಣೆ ಇದ್ದಲ್ಲಿ ಸಲ್ಲಿಸಬಹುದು ಮುದ್ರೆ ಸಹಿ ವಕೀಲರು ಹಿರಿಯ ಸಿವಿಲ್ ನ್ಯಾಯಾಧೀಶರು ಜನನ ಮರಣ ನೋಂದಣಿ ಕಾಯ್ದೆ ಗ್ರಾಮ ತಾಲೂಕು ಜಿಲ್ಲೆ
ಪ್ರಕರಣ ಸಂಖ್ಯೆ ವಾದಿ ಪ್ರತಿವಾದಿ ನ್ಯಾಯಾಲಯ ಸಮನ್ಸ್ ನೋಟೀಸು ತಹಶೀಲ್ದಾರ್ ಅರ್ಜಿದಾರರು ದಿನಾಂಕ ಹಾಜರಾಗಲು ಸೂಚಿಸಲಾಗಿದೆ ಆಕ್ಷೇಪಣೆ ಇದ್ದಲ್ಲಿ ಸಲ್ಲಿಸಬಹುದು ಮುದ್ರೆ ಸಹಿ ವಕೀಲರು ಹಿರಿಯ ಸಿವಿಲ್ ನ್ಯಾಯಾಧೀಶರು ಜನನ ಮರಣ ನೋಂದಣಿ ಕಾಯ್ದೆ ಗ್ರಾಮ ತಾಲೂಕು ಜಿಲ್ಲೆ
ಪ್ರಕರಣ ಸಂಖ್ಯೆ ವಾದಿ ಪ್ರತಿವಾದಿ ನ್ಯಾಯಾಲಯ ಸಮನ್ಸ್ ನೋಟೀಸು ತಹಶೀಲ್ದಾರ್ ಅರ್ಜಿದಾರರು ದಿನಾಂಕ ಹಾಜರಾಗಲು ಸೂಚಿಸಲಾಗಿದೆ ಆಕ್ಷೇಪಣೆ ಇದ್ದಲ್ಲಿ ಸಲ್ಲಿಸಬಹುದು ಮುದ್ರೆ ಸಹಿ ವಕೀಲರು ಹಿರಿಯ ಸಿವಿಲ್ ನ್ಯಾಯಾಧೀಶರು ಜನನ ಮರಣ ನೋಂದಣಿ ಕಾಯ್ದೆ ಗ್ರಾಮ ತಾಲೂಕು ಜಿಲ್ಲೆ
ಪ್ರಕರಣ ಸಂಖ್ಯೆ ವಾದಿ ಪ್ರತಿವಾದಿ ನ್ಯಾಯಾಲಯ ಸಮನ್ಸ್ ನೋಟೀಸು ತಹಶೀಲ್ದಾರ್ ಅರ್ಜಿದಾರರು ದಿನಾಂಕ ಹಾಜರಾಗಲು ಸೂಚಿಸಲಾಗಿದೆ ಆಕ್ಷೇಪಣೆ ಇದ್ದಲ್ಲಿ ಸಲ್ಲಿಸಬಹುದು ಮುದ್ರೆ ಸಹಿ ವಕೀಲರು ಹಿರಿಯ ಸಿವಿಲ್ ನ್ಯಾಯಾಧೀಶರು ಜನನ ಮರಣ ನೋಂದಣಿ ಕಾಯ್ದೆ ಗ್ರಾಮ ತಾಲೂಕು ಜಿಲ್ಲೆ
ಪ್ರಕರಣ ಸಂಖ್ಯೆ ವಾದಿ ಪ್ರತಿವಾದಿ ನ್ಯಾಯಾಲಯ ಸಮನ್ಸ್ ನೋಟೀಸು ತಹಶೀಲ್ದಾರ್ ಅರ್ಜಿದಾರರು ದಿನಾಂಕ ಹಾಜರಾಗಲು ಸೂಚಿಸಲಾಗಿದೆ ಆಕ್ಷೇಪಣೆ ಇದ್ದಲ್ಲಿ ಸಲ್ಲಿಸಬಹುದು ಮುದ್ರೆ ಸಹಿ ವಕೀಲರು ಹಿರಿಯ ಸಿವಿಲ್ ನ್ಯಾಯಾಧೀಶರು ಜನನ ಮರಣ ನೋಂದಣಿ ಕಾಯ್ದೆ ಗ್ರಾಮ ತಾಲೂಕು ಜಿಲ್ಲೆ
ಪ್ರಕರಣ ಸಂಖ್ಯೆ ವಾದಿ ಪ್ರತಿವಾದಿ ನ್ಯಾಯಾಲಯ ಸಮನ್ಸ್ ನೋಟೀಸು ತಹಶೀಲ್ದಾರ್ ಅರ್ಜಿದಾರರು ದಿನಾಂಕ ಹಾಜರಾಗಲು ಸೂಚಿಸಲಾಗಿದೆ ಆಕ್ಷೇಪಣೆ ಇದ್ದಲ್ಲಿ ಸಲ್ಲಿಸಬಹುದು ಮುದ್ರೆ ಸಹಿ ವಕೀಲರು ಹಿರಿಯ ಸಿವಿಲ್ ನ್ಯಾಯಾಧೀಶರು ಜನನ ಮರಣ ನೋಂದಣಿ ಕಾಯ್ದೆ ಗ್ರಾಮ ತಾಲೂಕು ಜಿಲ್ಲೆ
ಪ್ರಕರಣ ಸಂಖ್ಯೆ ವಾದಿ ಪ್ರತಿವಾದಿ ನ್ಯಾಯಾಲಯ ಸಮನ್ಸ್ ನೋಟೀಸು ತಹಶೀಲ್ದಾರ್ ಅರ್ಜಿದಾರರು ದಿನಾಂಕ ಹಾಜರಾಗಲು ಸೂಚಿಸಲಾಗಿದೆ ಆಕ್ಷೇಪಣೆ ಇದ್ದಲ್ಲಿ ಸಲ್ಲಿಸಬಹುದು ಮುದ್ರೆ ಸಹಿ ವಕೀಲರು ಹಿರಿಯ ಸಿವಿಲ್ ನ್ಯಾಯಾಧೀಶರು ಜನನ ಮರಣ ನೋಂದಣಿ ಕಾಯ್ದೆ ಗ್ರಾಮ ತಾಲೂಕು ಜಿಲ್ಲೆ
O. S. No. 112/2025 IN THE COURT OF THE HON'BLE ADDL. CIVIL JUDGE, MUDHOL AT : MUDHOL
BETWEEN:
Plaintiff : 1) Smt. Tulasavva Dlo. Gopal Lamani @ Goudar. Defendants :1) Shri. Keshav s/o. Bhirappa Lamani @ Goudar And others. Defendant No.3 :Shri. Hemant Sharma Age: 59 years, Occ: Agri. R/o: Mudhol, Tq: Mudhol Dist : Bagalkote. SUIT SUMMONS WHEREAS, the plaintiff has filed the top noted suit seeking the relief of declaration and permanent injunction in respect of the suit property against you and other defendants. The hon'ble court was pleased to issue suit summons to the defendant no.3 you through process server and also by Registered Post AD on last occasions but you are avoiding the same. Therefore, you are hereby called upon to appear before the court either in person or through pleader duly instructed to answer the claim of the plaintiff on 03/05/2026 at 11 A.M. failing which the matter will be heard and adjudicated in your absence placing you ex-parte. Given under the hand and seal of the court on this the 15 day of march 2026. By Order of the Court Shirastedar (ADM) Addl. Civil Judge Court, Mudhol.
M. S. Kuri Advocate for Plaintiff
ಪ್ರಕರಣ ಸಂಖ್ಯೆ ವಾದಿ ಪ್ರತಿವಾದಿ ನ್ಯಾಯಾಲಯ ಸಮನ್ಸ್ ನೋಟೀಸು ತಹಶೀಲ್ದಾರ್ ಅರ್ಜಿದಾರರು ದಿನಾಂಕ ಹಾಜರಾಗಲು ಸೂಚಿಸಲಾಗಿದೆ ಆಕ್ಷೇಪಣೆ ಇದ್ದಲ್ಲಿ ಸಲ್ಲಿಸಬಹುದು ಮುದ್ರೆ ಸಹಿ ವಕೀಲರು ಹಿರಿಯ ಸಿವಿಲ್ ನ್ಯಾಯಾಧೀಶರು ಜನನ ಮರಣ ನೋಂದಣಿ ಕಾಯ್ದೆ ಗ್ರಾಮ ತಾಲೂಕು ಜಿಲ್ಲೆ
ಪ್ರಕರಣ ಸಂಖ್ಯೆ ವಾದಿ ಪ್ರತಿವಾದಿ ನ್ಯಾಯಾಲಯ ಸಮನ್ಸ್ ನೋಟೀಸು ತಹಶೀಲ್ದಾರ್ ಅರ್ಜಿದಾರರು ದಿನಾಂಕ ಹಾಜರಾಗಲು ಸೂಚಿಸಲಾಗಿದೆ ಆಕ್ಷೇಪಣೆ ಇದ್ದಲ್ಲಿ ಸಲ್ಲಿಸಬಹುದು ಮುದ್ರೆ ಸಹಿ ವಕೀಲರು ಹಿರಿಯ ಸಿವಿಲ್ ನ್ಯಾಯಾಧೀಶರು ಜನನ ಮರಣ ನೋಂದಣಿ ಕಾಯ್ದೆ ಗ್ರಾಮ ತಾಲೂಕು ಜಿಲ್ಲೆ
ಪ್ರಕರಣ ಸಂಖ್ಯೆ ವಾದಿ ಪ್ರತಿವಾದಿ ನ್ಯಾಯಾಲಯ ಸಮನ್ಸ್ ನೋಟೀಸು ತಹಶೀಲ್ದಾರ್ ಅರ್ಜಿದಾರರು ದಿನಾಂಕ ಹಾಜರಾಗಲು ಸೂಚಿಸಲಾಗಿದೆ ಆಕ್ಷೇಪಣೆ ಇದ್ದಲ್ಲಿ ಸಲ್ಲಿಸಬಹುದು ಮುದ್ರೆ ಸಹಿ ವಕೀಲರು ಹಿರಿಯ ಸಿವಿಲ್ ನ್ಯಾಯಾಧೀಶರು ಜನನ ಮರಣ ನೋಂದಣಿ ಕಾಯ್ದೆ ಗ್ರಾಮ ತಾಲೂಕು ಜಿಲ್ಲೆ
ಪ್ರಕರಣ ಸಂಖ್ಯೆ ವಾದಿ ಪ್ರತಿವಾದಿ ನ್ಯಾಯಾಲಯ ಸಮನ್ಸ್ ನೋಟೀಸು ತಹಶೀಲ್ದಾರ್ ಅರ್ಜಿದಾರರು ದಿನಾಂಕ ಹಾಜರಾಗಲು ಸೂಚಿಸಲಾಗಿದೆ ಆಕ್ಷೇಪಣೆ ಇದ್ದಲ್ಲಿ ಸಲ್ಲಿಸಬಹುದು ಮುದ್ರೆ ಸಹಿ ವಕೀಲರು ಹಿರಿಯ ಸಿವಿಲ್ ನ್ಯಾಯಾಧೀಶರು ಜನನ ಮರಣ ನೋಂದಣಿ ಕಾಯ್ದೆ ಗ್ರಾಮ ತಾಲೂಕು ಜಿಲ್ಲೆ
ಪ್ರಕರಣ ಸಂಖ್ಯೆ ವಾದಿ ಪ್ರತಿವಾದಿ ನ್ಯಾಯಾಲಯ ಸಮನ್ಸ್ ನೋಟೀಸು ತಹಶೀಲ್ದಾರ್ ಅರ್ಜಿದಾರರು ದಿನಾಂಕ ಹಾಜರಾಗಲು ಸೂಚಿಸಲಾಗಿದೆ ಆಕ್ಷೇಪಣೆ ಇದ್ದಲ್ಲಿ ಸಲ್ಲಿಸಬಹುದು ಮುದ್ರೆ ಸಹಿ ವಕೀಲರು ಹಿರಿಯ ಸಿವಿಲ್ ನ್ಯಾಯಾಧೀಶರು ಜನನ ಮರಣ ನೋಂದಣಿ ಕಾಯ್ದೆ ಗ್ರಾಮ ತಾಲೂಕು ಜಿಲ್ಲೆ
ಪ್ರಕರಣ ಸಂಖ್ಯೆ ವಾದಿ ಪ್ರತಿವಾದಿ ನ್ಯಾಯಾಲಯ ಸಮನ್ಸ್ ನೋಟೀಸು ತಹಶೀಲ್ದಾರ್ ಅರ್ಜಿದಾರರು ದಿನಾಂಕ ಹಾಜರಾಗಲು ಸೂಚಿಸಲಾಗಿದೆ ಆಕ್ಷೇಪಣೆ ಇದ್ದಲ್ಲಿ ಸಲ್ಲಿಸಬಹುದು ಮುದ್ರೆ ಸಹಿ ವಕೀಲರು ಹಿರಿಯ ಸಿವಿಲ್ ನ್ಯಾಯಾಧೀಶರು ಜನನ ಮರಣ ನೋಂದಣಿ ಕಾಯ್ದೆ ಗ್ರಾಮ ತಾಲೂಕು ಜಿಲ್ಲೆ
ಪ್ರಕರಣ ಸಂಖ್ಯೆ ವಾದಿ ಪ್ರತಿವಾದಿ ನ್ಯಾಯಾಲಯ ಸಮನ್ಸ್ ನೋಟೀಸು ತಹಶೀಲ್ದಾರ್ ಅರ್ಜಿದಾರರು ದಿನಾಂಕ ಹಾಜರಾಗಲು ಸೂಚಿಸಲಾಗಿದೆ ಆಕ್ಷೇಪಣೆ ಇದ್ದಲ್ಲಿ ಸಲ್ಲಿಸಬಹುದು ಮುದ್ರೆ ಸಹಿ ವಕೀಲರು ಹಿರಿಯ ಸಿವಿಲ್ ನ್ಯಾಯಾಧೀಶರು ಜನನ ಮರಣ ನೋಂದಣಿ ಕಾಯ್ದೆ ಗ್ರಾಮ ತಾಲೂಕು ಜಿಲ್ಲೆ
ಪ್ರಕರಣ ಸಂಖ್ಯೆ ವಾದಿ ಪ್ರತಿವಾದಿ ನ್ಯಾಯಾಲಯ ಸಮನ್ಸ್ ನೋಟೀಸು ತಹಶೀಲ್ದಾರ್ ಅರ್ಜಿದಾರರು ದಿನಾಂಕ ಹಾಜರಾಗಲು ಸೂಚಿಸಲಾಗಿದೆ ಆಕ್ಷೇಪಣೆ ಇದ್ದಲ್ಲಿ ಸಲ್ಲಿಸಬಹುದು ಮುದ್ರೆ ಸಹಿ ವಕೀಲರು ಹಿರಿಯ ಸಿವಿಲ್ ನ್ಯಾಯಾಧೀಶರು ಜನನ ಮರಣ ನೋಂದಣಿ ಕಾಯ್ದೆ ಗ್ರಾಮ ತಾಲೂಕು ಜಿಲ್ಲೆ
ಮೈಸೂರು ಮಹಾನಗರ ಪಾಲಿಕೆ, ಮೈಸೂರು
ಕಾರ್ಯಪಾಲಕ ಅಭಿಯಂತರರ ಕಛೇರಿ, ವಿದ್ಯುತ್ ವಿಭಾಗ, ವಾಣಿವಿಲಾಸ ಆವರಣ,
ಕೆ.ಆರ್.ಎಸ್ ಮುಖ್ಯ ರಸ್ತೆ, ಯಾದವಗಿರಿ, ಮೈಸೂರು-570020
ಟೆಂ.ಪ್ರ.ಸಂ/ಮೈಮಪಾ/ಕಾ.ಅ(ವಿ)/ಐಎಸ್-22/2025-26	ದಿನಾಂಕ: 20.03.2026
ಟೆಂಡರ್ ಪ್ರಕಟಣೆ ಸಂಖ್ಯೆ-22
ಕರ್ನಾಟಕ ಸರ್ಕಾರದ ಕೆಪಿಪಿ ಪೋರ್ಟಲ್ ಮುಖಾಂತರ ಮಾತ್ರ
ಕ್ರ. ಸಂ.	ವಿವರ	ಕಾಮಗಾರಿಯ ಸಂಖ್ಯೆ	ಟೆಂಡರ್ ಮೊತ್ತ (ರೂ. ಲಕ್ಷಗಳಲ್ಲಿ)	ಕೆಪಿಪಿ ಪೋರ್ಟಲ್‌ನಲ್ಲಿ ಪ್ರಕಟಿಸುವ ದಿನಾಂಕ	ಟೆಂಡರ್ ಸಲ್ಲಿಸಲು ಕೊನೆಯ ದಿನಾಂಕ	ತಾಂತ್ರಿಕ ಬಿಡ್ ತೆರೆಯುವ ದಿನಾಂಕ
1	Tender Works (KW-1)	03	19.93	20.03.2026	30.03.2026	01.04.2026
2	Tender Works(KW-2)	01	25.00			
3	Re-Tender Works (KW-1)	02	8.32			
4	Goods Works (KG-2)	12	334.05			
ವಿವರಗಳಿಗೆ ಕೆಪಿಪಿ ಪೋರ್ಟಲ್ ನಲ್ಲಿ ವೀಕ್ಷಿಸಬಹುದು. ಸಹಿ/- ಕಾರ್ಯಪಾಲಕ ಅಭಿಯಂತರರು (ವಿ), ಮೈಸೂರು ಮಹಾನಗರ ಪಾಲಿಕೆ, ಮೈಸೂರು.
ವಾ.ಸಾ.ಇ/ಮೈಸೂರು/ಮಾಲಿ/874/ಕೆಎಸ್ ಸಾಯ/2025–26
ಕರ್ನಾಟಕ ಸರ್ಕಾರ GOVERNMENT OF KARNATAKA
ಬಳ್ಳಾರಿ ವೈದ್ಯಕೀಯ ಮಹಾವಿದ್ಯಾಲಯ ಮತ್ತು ಸಂಶೋಧನ ಕೇಂದ್ರ ಬಳ್ಳಾರಿ.
Reg.No:205/1995-96-Recognized by Medical Council of India, New Delhi vide No:MCI-57(3)/79-Med/1912, Dt.16-04-1979
e-mail-ids:directorbmcrcballari@gmail.com,
website : https://bmcrc.karnataka.gov.in
ಸಂ:ಬಿಎಂಸಿಆರ್‌ಸಿ/ಟೆಂಡರ್/ಸಾಮಾಗ್ರಿ-1/03/2025-26	ದಿನಾಂಕ:20.03.2026
ಇ-ಟೆಂಡರ್ ಅಧಿಸೂಚನೆ
ಬಿಎಂಸಿಆರ್‌ಸಿ, ಬಳ್ಳಾರಿ ವೈದ್ಯಕೀಯ ಮಹಾವಿದ್ಯಾಲಯಕ್ಕೆ ಅಗತ್ಯವಿರುವ ಸಾಮಗ್ರಿಗಳನ್ನು ಸರಬರಾಜು ಮಾಡಲು ಕರ್ನಾಟಕ ಸರ್ಕಾರದ ಇ-ಪ್ರೊಕ್ಯೂರ್‌ಮೆಂಟ್ ಪೋರ್ಟಲ್ https://kppp.karnataka.gov.in ಮುಖಾಂತರ ಇ-ಟೆಂಡರ್ ಆಹ್ವಾನಿಸಲಾಗಿದೆ. ಬಿಡ್ ಸಲ್ಲಿಸಲು ಕೊನೆಯ ದಿನಾಂಕ 20.04.2026 ಸಂಜೆ 5.00 ಗಂಟೆಯವರೆಗೆ. ಹೆಚ್ಚಿನ ವಿವರಗಳಿಗೆ www.bmcrc.karnataka.gov.in ನೋಡಬಹುದು.
ಸಹಿ/- ನಿರ್ದೇಶಕರು ಮತ್ತು ಡೀನ್, ಬಿಎಂಸಿಆರ್‌ಸಿ, ಬಳ್ಳಾರಿ.
ವಾ.ಸಾ.ಇ/ಬಳ್ಳಾರಿ/1178/ಕೆಎಸ್ಎಂಸಿ/2025–26
